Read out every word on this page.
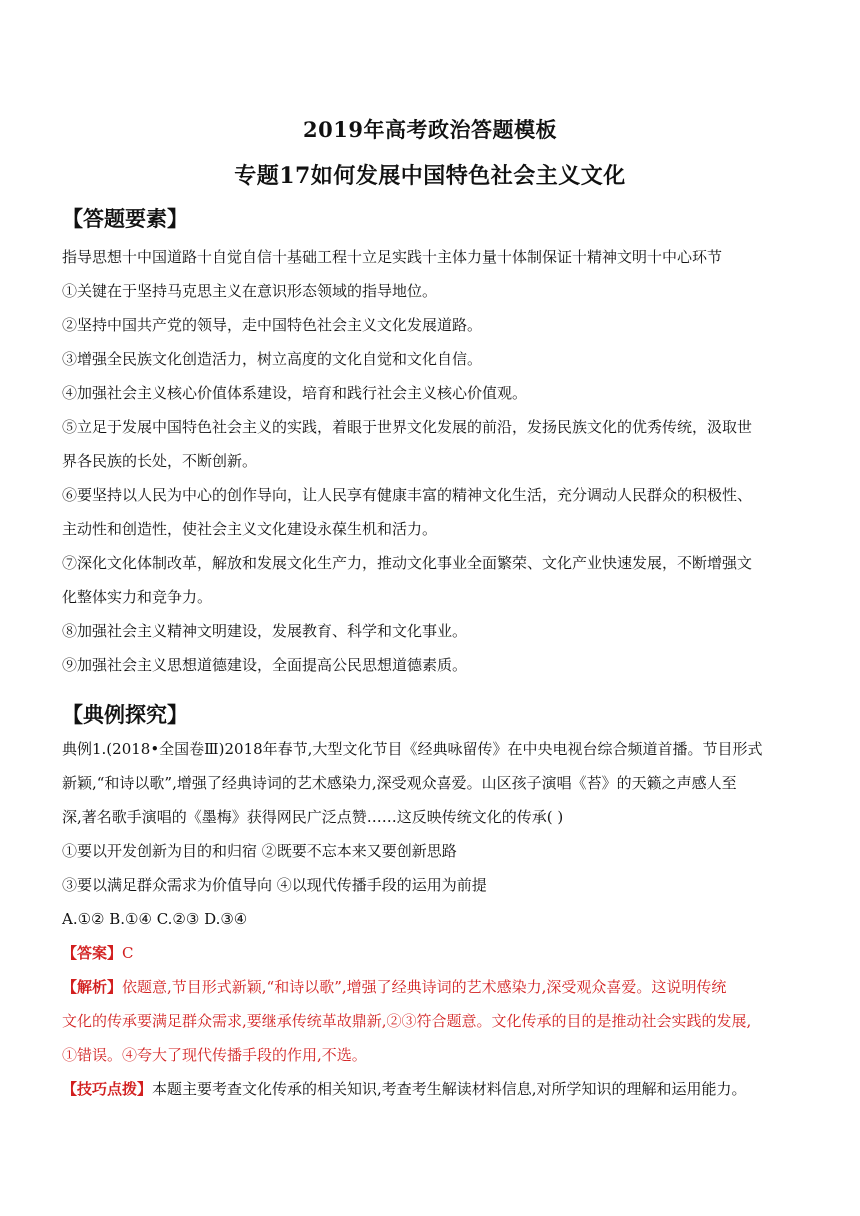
2019年高考政治答题模板
专题17如何发展中国特色社会主义文化
【答题要素】
指导思想十中国道路十自觉自信十基础工程十立足实践十主体力量十体制保证十精神文明十中心环节
①关键在于坚持马克思主义在意识形态领域的指导地位。
②坚持中国共产党的领导，走中国特色社会主义文化发展道路。
③增强全民族文化创造活力，树立高度的文化自觉和文化自信。
④加强社会主义核心价值体系建设，培育和践行社会主义核心价值观。
⑤立足于发展中国特色社会主义的实践，着眼于世界文化发展的前沿，发扬民族文化的优秀传统，汲取世
界各民族的长处，不断创新。
⑥要坚持以人民为中心的创作导向，让人民享有健康丰富的精神文化生活，充分调动人民群众的积极性、
主动性和创造性，使社会主义文化建设永葆生机和活力。
⑦深化文化体制改革，解放和发展文化生产力，推动文化事业全面繁荣、文化产业快速发展，不断增强文
化整体实力和竞争力。
⑧加强社会主义精神文明建设，发展教育、科学和文化事业。
⑨加强社会主义思想道德建设，全面提高公民思想道德素质。
【典例探究】
典例1.(2018•全国卷Ⅲ)2018年春节,大型文化节目《经典咏留传》在中央电视台综合频道首播。节目形式
新颖,“和诗以歌”,增强了经典诗词的艺术感染力,深受观众喜爱。山区孩子演唱《苔》的天籁之声感人至
深,著名歌手演唱的《墨梅》获得网民广泛点赞……这反映传统文化的传承( )
①要以开发创新为目的和归宿 ②既要不忘本来又要创新思路
③要以满足群众需求为价值导向 ④以现代传播手段的运用为前提
A.①② B.①④ C.②③ D.③④
【答案】C
【解析】依题意,节目形式新颖,“和诗以歌”,增强了经典诗词的艺术感染力,深受观众喜爱。这说明传统
文化的传承要满足群众需求,要继承传统革故鼎新,②③符合题意。文化传承的目的是推动社会实践的发展,
①错误。④夸大了现代传播手段的作用,不选。
【技巧点拨】本题主要考查文化传承的相关知识,考查考生解读材料信息,对所学知识的理解和运用能力。
